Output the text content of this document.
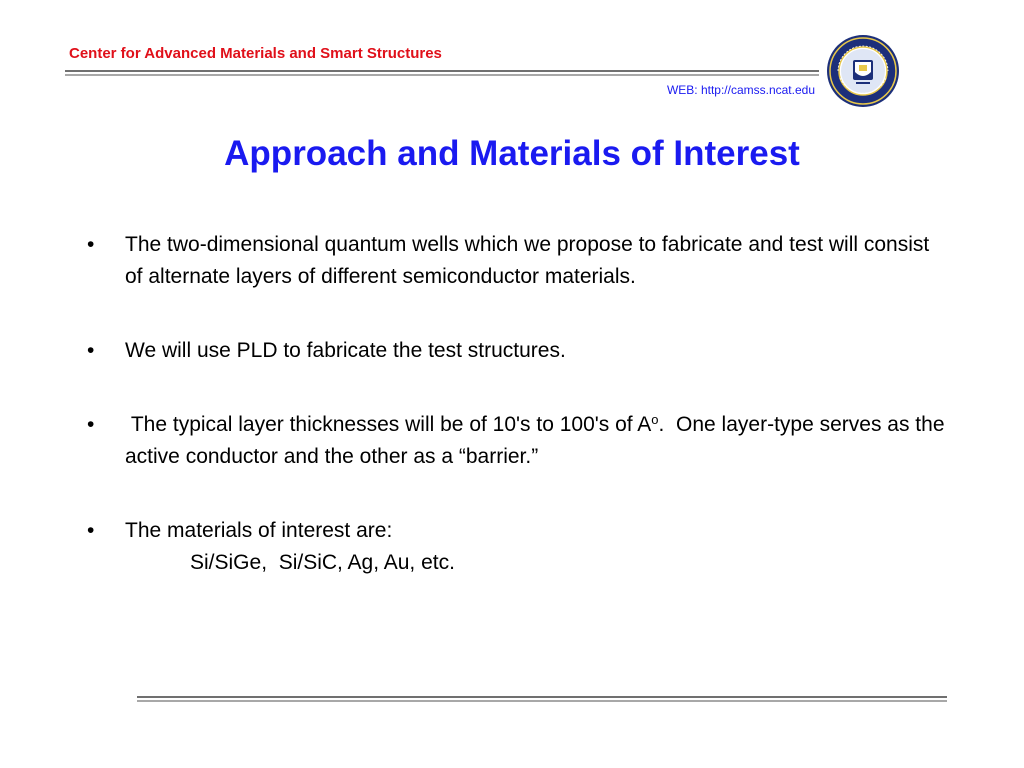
Center for Advanced Materials and Smart Structures
WEB: http://camss.ncat.edu
Approach and Materials of Interest
•	The two-dimensional quantum wells which we propose to fabricate and test will consist of alternate layers of different semiconductor materials.
•	We will use PLD to fabricate the test structures.
•	The typical layer thicknesses will be of 10's to 100's of $A^o$.  One layer-type serves as the active conductor and the other as a “barrier.”
•	The materials of interest are:
Si/SiGe,  Si/SiC, Ag, Au, etc.
